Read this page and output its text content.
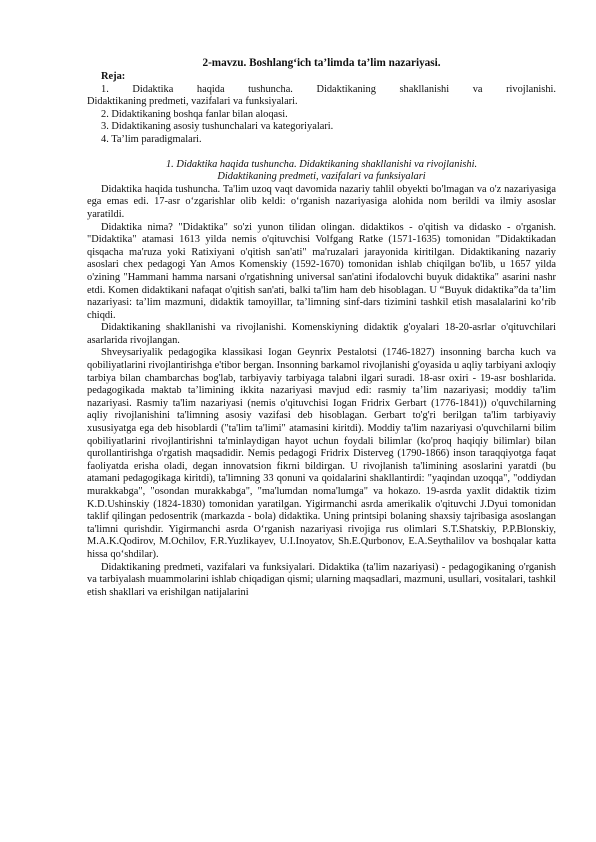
2-mavzu. Boshlang‘ich ta’limda ta’lim nazariyasi.

Reja:

1. Didaktika haqida tushuncha. Didaktikaning shakllanishi va rivojlanishi.

Didaktikaning predmeti, vazifalari va funksiyalari.

2. Didaktikaning boshqa fanlar bilan aloqasi.

3. Didaktikaning asosiy tushunchalari va kategoriyalari.

4. Ta’lim paradigmalari.

1. Didaktika haqida tushuncha. Didaktikaning shakllanishi va rivojlanishi.

Didaktikaning predmeti, vazifalari va funksiyalari

Didaktika haqida tushuncha. Ta'lim uzoq vaqt davomida nazariy tahlil obyekti bo'lmagan va o'z nazariyasiga ega emas edi. 17-asr o‘zgarishlar olib keldi: o‘rganish nazariyasiga alohida nom berildi va ilmiy asoslar yaratildi.

Didaktika nima? "Didaktika" so'zi yunon tilidan olingan. didaktikos - o'qitish va didasko - o'rganish. "Didaktika" atamasi 1613 yilda nemis o'qituvchisi Volfgang Ratke (1571-1635) tomonidan "Didaktikadan qisqacha ma'ruza yoki Ratixiyani o'qitish san'ati" ma'ruzalari jarayonida kiritilgan. Didaktikaning nazariy asoslari chex pedagogi Yan Amos Komenskiy (1592-1670) tomonidan ishlab chiqilgan bo'lib, u 1657 yilda o'zining "Hammani hamma narsani o'rgatishning universal san'atini ifodalovchi buyuk didaktika" asarini nashr etdi. Komen didaktikani nafaqat o'qitish san'ati, balki ta'lim ham deb hisoblagan. U “Buyuk didaktika”da ta’lim nazariyasi: ta’lim mazmuni, didaktik tamoyillar, ta’limning sinf-dars tizimini tashkil etish masalalarini ko‘rib chiqdi.

Didaktikaning shakllanishi va rivojlanishi. Komenskiyning didaktik g'oyalari 18-20-asrlar o'qituvchilari asarlarida rivojlangan.

Shveysariyalik pedagogika klassikasi Iogan Geynrix Pestalotsi (1746-1827) insonning barcha kuch va qobiliyatlarini rivojlantirishga e'tibor bergan. Insonning barkamol rivojlanishi g'oyasida u aqliy tarbiyani axloqiy tarbiya bilan chambarchas bog'lab, tarbiyaviy tarbiyaga talabni ilgari suradi. 18-asr oxiri - 19-asr boshlarida. pedagogikada maktab ta’limining ikkita nazariyasi mavjud edi: rasmiy ta’lim nazariyasi; moddiy ta'lim nazariyasi. Rasmiy ta'lim nazariyasi (nemis o'qituvchisi Iogan Fridrix Gerbart (1776-1841)) o'quvchilarning aqliy rivojlanishini ta'limning asosiy vazifasi deb hisoblagan. Gerbart to'g'ri berilgan ta'lim tarbiyaviy xususiyatga ega deb hisoblardi ("ta'lim ta'limi" atamasini kiritdi). Moddiy ta'lim nazariyasi o'quvchilarni bilim qobiliyatlarini rivojlantirishni ta'minlaydigan hayot uchun foydali bilimlar (ko'proq haqiqiy bilimlar) bilan qurollantirishga o'rgatish maqsadidir. Nemis pedagogi Fridrix Disterveg (1790-1866) inson taraqqiyotga faqat faoliyatda erisha oladi, degan innovatsion fikrni bildirgan. U rivojlanish ta'limining asoslarini yaratdi (bu atamani pedagogikaga kiritdi), ta'limning 33 qonuni va qoidalarini shakllantirdi: "yaqindan uzoqqa", "oddiydan murakkabga", "osondan murakkabga", "ma'lumdan noma'lumga" va hokazo. 19-asrda yaxlit didaktik tizim K.D.Ushinskiy (1824-1830) tomonidan yaratilgan. Yigirmanchi asrda amerikalik o'qituvchi J.Dyui tomonidan taklif qilingan pedosentrik (markazda - bola) didaktika. Uning printsipi bolaning shaxsiy tajribasiga asoslangan ta'limni qurishdir. Yigirmanchi asrda O‘rganish nazariyasi rivojiga rus olimlari S.T.Shatskiy, P.P.Blonskiy, M.A.K.Qodirov, M.Ochilov, F.R.Yuzlikayev, U.I.Inoyatov, Sh.E.Qurbonov, E.A.Seythalilov va boshqalar katta hissa qo‘shdilar).

Didaktikaning predmeti, vazifalari va funksiyalari. Didaktika (ta'lim nazariyasi) - pedagogikaning o'rganish va tarbiyalash muammolarini ishlab chiqadigan qismi; ularning maqsadlari, mazmuni, usullari, vositalari, tashkil etish shakllari va erishilgan natijalarini
